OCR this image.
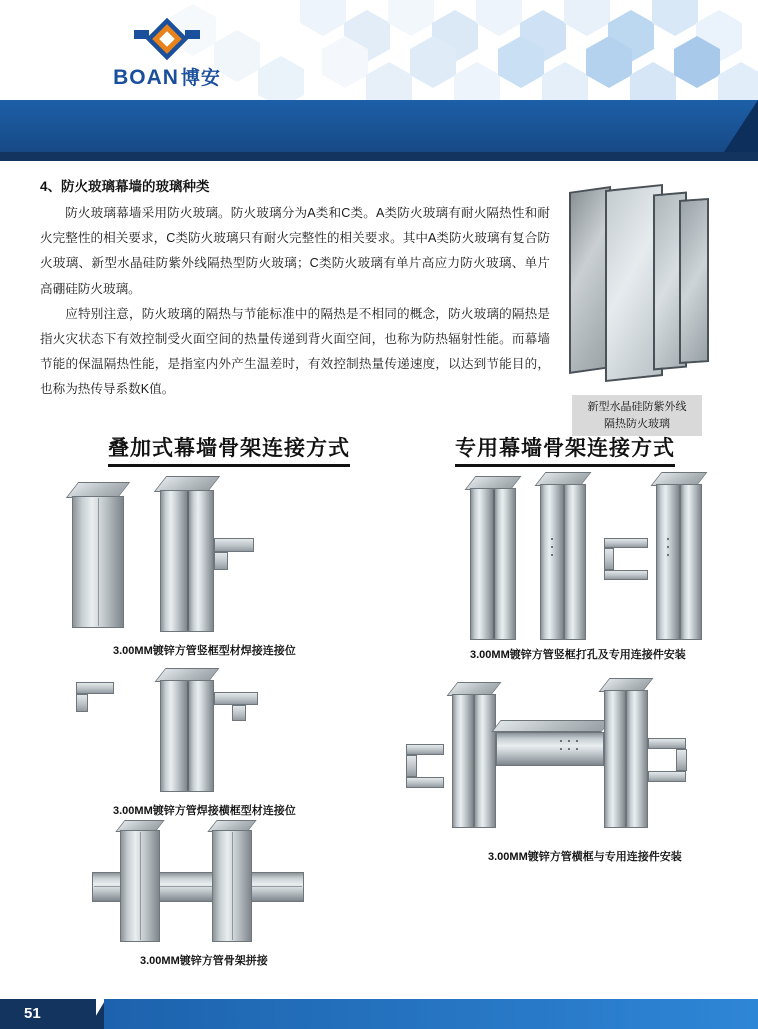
BOAN 博安
4、防火玻璃幕墙的玻璃种类

防火玻璃幕墙采用防火玻璃。防火玻璃分为A类和C类。A类防火玻璃有耐火隔热性和耐火完整性的相关要求，C类防火玻璃只有耐火完整性的相关要求。其中A类防火玻璃有复合防火玻璃、新型水晶硅防紫外线隔热型防火玻璃；C类防火玻璃有单片高应力防火玻璃、单片高硼硅防火玻璃。

应特别注意，防火玻璃的隔热与节能标准中的隔热是不相同的概念，防火玻璃的隔热是指火灾状态下有效控制受火面空间的热量传递到背火面空间，也称为防热辐射性能。而幕墙节能的保温隔热性能，是指室内外产生温差时，有效控制热量传递速度，以达到节能目的，也称为热传导系数K值。

新型水晶硅防紫外线
隔热防火玻璃
叠加式幕墙骨架连接方式	专用幕墙骨架连接方式
3.00MM镀锌方管竖框型材焊接连接位
3.00MM镀锌方管焊接横框型材连接位
3.00MM镀锌方管骨架拼接
3.00MM镀锌方管竖框打孔及专用连接件安装
3.00MM镀锌方管横框与专用连接件安装
51
